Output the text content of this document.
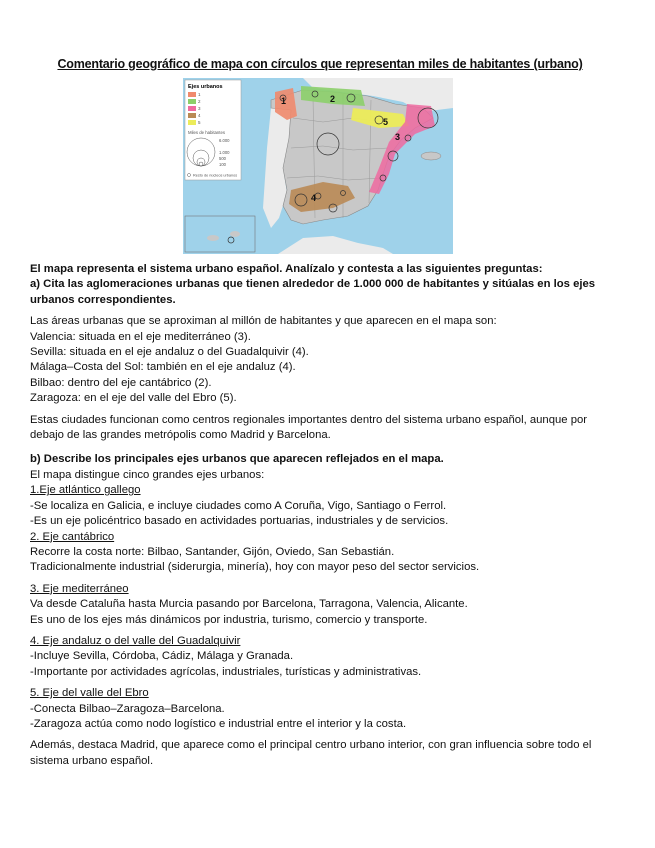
Comentario geográfico de mapa con círculos que representan miles de habitantes (urbano)
1	2
3
4
5
Ejes urbanos
1
2
3
4
5
Miles de habitantes
6.000
1.000
500
100
Resto de núcleos urbanos

El mapa representa el sistema urbano español. Analízalo y contesta a las siguientes preguntas:

a) Cita las aglomeraciones urbanas que tienen alrededor de 1.000 000 de habitantes y sitúalas en los ejes urbanos correspondientes.

Las áreas urbanas que se aproximan al millón de habitantes y que aparecen en el mapa son:

Valencia: situada en el eje mediterráneo (3).

Sevilla: situada en el eje andaluz o del Guadalquivir (4).

Málaga–Costa del Sol: también en el eje andaluz (4).

Bilbao: dentro del eje cantábrico (2).

Zaragoza: en el eje del valle del Ebro (5).

Estas ciudades funcionan como centros regionales importantes dentro del sistema urbano español, aunque por debajo de las grandes metrópolis como Madrid y Barcelona.

b) Describe los principales ejes urbanos que aparecen reflejados en el mapa.

El mapa distingue cinco grandes ejes urbanos:

1.Eje atlántico gallego

-Se localiza en Galicia, e incluye ciudades como A Coruña, Vigo, Santiago o Ferrol.

-Es un eje policéntrico basado en actividades portuarias, industriales y de servicios.

2. Eje cantábrico

Recorre la costa norte: Bilbao, Santander, Gijón, Oviedo, San Sebastián.

Tradicionalmente industrial (siderurgia, minería), hoy con mayor peso del sector servicios.

3. Eje mediterráneo

Va desde Cataluña hasta Murcia pasando por Barcelona, Tarragona, Valencia, Alicante.

Es uno de los ejes más dinámicos por industria, turismo, comercio y transporte.

4. Eje andaluz o del valle del Guadalquivir

-Incluye Sevilla, Córdoba, Cádiz, Málaga y Granada.

-Importante por actividades agrícolas, industriales, turísticas y administrativas.

5. Eje del valle del Ebro

-Conecta Bilbao–Zaragoza–Barcelona.

-Zaragoza actúa como nodo logístico e industrial entre el interior y la costa.

Además, destaca Madrid, que aparece como el principal centro urbano interior, con gran influencia sobre todo el sistema urbano español.
